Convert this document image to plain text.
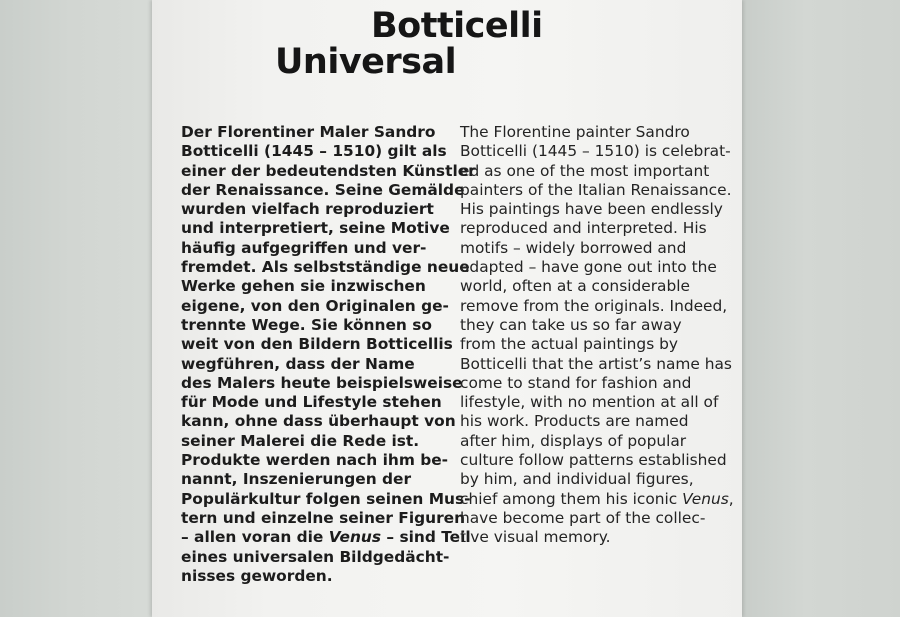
Botticelli
Universal
Der Florentiner Maler Sandro
Botticelli (1445 – 1510) gilt als
einer der bedeutendsten Künstler
der Renaissance. Seine Gemälde
wurden vielfach reproduziert
und interpretiert, seine Motive
häufig aufgegriffen und ver-
fremdet. Als selbstständige neue
Werke gehen sie inzwischen
eigene, von den Originalen ge-
trennte Wege. Sie können so
weit von den Bildern Botticellis
wegführen, dass der Name
des Malers heute beispielsweise
für Mode und Lifestyle stehen
kann, ohne dass überhaupt von
seiner Malerei die Rede ist.
Produkte werden nach ihm be-
nannt, Inszenierungen der
Populärkultur folgen seinen Mus-
tern und einzelne seiner Figuren
– allen voran die Venus – sind Teil
eines universalen Bildgedächt-
nisses geworden.
The Florentine painter Sandro
Botticelli (1445 – 1510) is celebrat-
ed as one of the most important
painters of the Italian Renaissance.
His paintings have been endlessly
reproduced and interpreted. His
motifs – widely borrowed and
adapted – have gone out into the
world, often at a considerable
remove from the originals. Indeed,
they can take us so far away
from the actual paintings by
Botticelli that the artist’s name has
come to stand for fashion and
lifestyle, with no mention at all of
his work. Products are named
after him, displays of popular
culture follow patterns established
by him, and individual figures,
chief among them his iconic Venus,
have become part of the collec-
tive visual memory.
